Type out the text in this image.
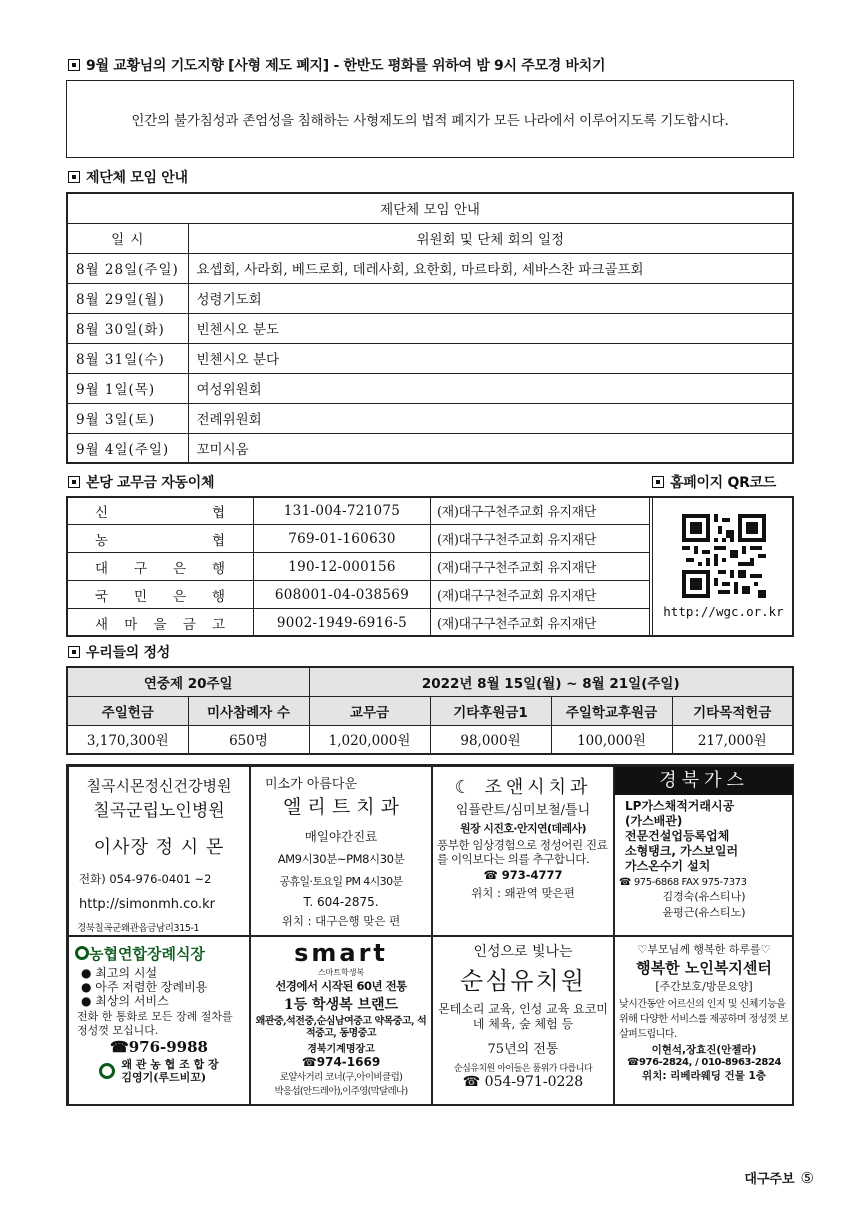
9월 교황님의 기도지향 [사형 제도 폐지] - 한반도 평화를 위하여 밤 9시 주모경 바치기
인간의 불가침성과 존엄성을 침해하는 사형제도의 법적 폐지가 모든 나라에서 이루어지도록 기도합시다.
제단체 모임 안내
제단체 모임 안내	
일 시	위원회 및 단체 회의 일정
8월 28일(주일)	요셉회, 사라회, 베드로회, 데레사회, 요한회, 마르타회, 세바스찬 파크골프회
8월 29일(월)	성령기도회
8월 30일(화)	빈첸시오 분도
8월 31일(수)	빈첸시오 분다
9월 1일(목)	여성위원회
9월 3일(토)	전례위원회
9월 4일(주일)	꼬미시움
본당 교무금 자동이체	홈페이지 QR코드
신 협	131-004-721075	(재)대구구천주교회 유지재단

농 협	769-01-160630	(재)대구구천주교회 유지재단

대 구 은 행	190-12-000156	(재)대구구천주교회 유지재단

국 민 은 행	608001-04-038569	(재)대구구천주교회 유지재단

새 마 을 금 고	9002-1949-6916-5	(재)대구구천주교회 유지재단
http://wgc.or.kr
우리들의 정성
연중제 20주일		2022년 8월 15일(월) ~ 8월 21일(주일)			
주일헌금	미사참례자 수	교무금	기타후원금1	주일학교후원금	기타목적헌금
3,170,300원	650명	1,020,000원	98,000원	100,000원	217,000원
칠곡시몬정신건강병원
칠곡군립노인병원
이사장 정 시 몬
전화) 054-976-0401 ~2
http://simonmh.co.kr
경북칠곡군왜관읍금남리315-1
미소가 아름다운
엘 리 트 치 과
매일야간진료
AM9시30분~PM8시30분
공휴일·토요일 PM 4시30분
T. 604-2875.
위치 : 대구은행 맞은 편
☾ 조앤시치과
임플란트/심미보철/틀니
원장 시진호·안지연(데레사)
풍부한 임상경험으로 정성어린 진료를 이익보다는 의를 추구합니다.
☎ 973-4777
위치 : 왜관역 맞은편
경북가스
LP가스채적거래시공
(가스배관)
전문건설업등록업체
소형탱크, 가스보일러
가스온수기 설치
☎ 975-6868 FAX 975-7373
김경숙(유스티나)
윤평근(유스티노)
농협연합장례식장
● 최고의 시설
● 아주 저렴한 장례비용
● 최상의 서비스
전화 한 통화로 모든 장례 절차를 정성껏 모십니다.
☎976-9988
왜 관 농 협 조 합 장
김영기(루드비꼬)
smart
스마트학생복
선경에서 시작된 60년 전통
1등 학생복 브랜드
왜관중,석전중,순심남여중고 약목중고, 석적중고, 동명중고
경북기계명장고
☎974-1669
로얄사거리 코너(구,아이비클럽)
박응섭(안드레아),이주영(막달레나)
인성으로 빛나는
순심유치원
몬테소리 교육, 인성 교육 요코미네 체육, 숲 체험 등
75년의 전통
순심유치원 아이들은 품위가 다릅니다
☎ 054-971-0228
♡부모님께 행복한 하루를♡
행복한 노인복지센터
[주간보호/방문요양]
낮시간동안 어르신의 인지 및 신체기능을 위해 다양한 서비스를 제공하며 정성껏 보살펴드립니다.
이현석,장효진(안젤라)
☎976-2824, / 010-8963-2824
위치: 리베라웨딩 건물 1층
대구주보 ⑤
